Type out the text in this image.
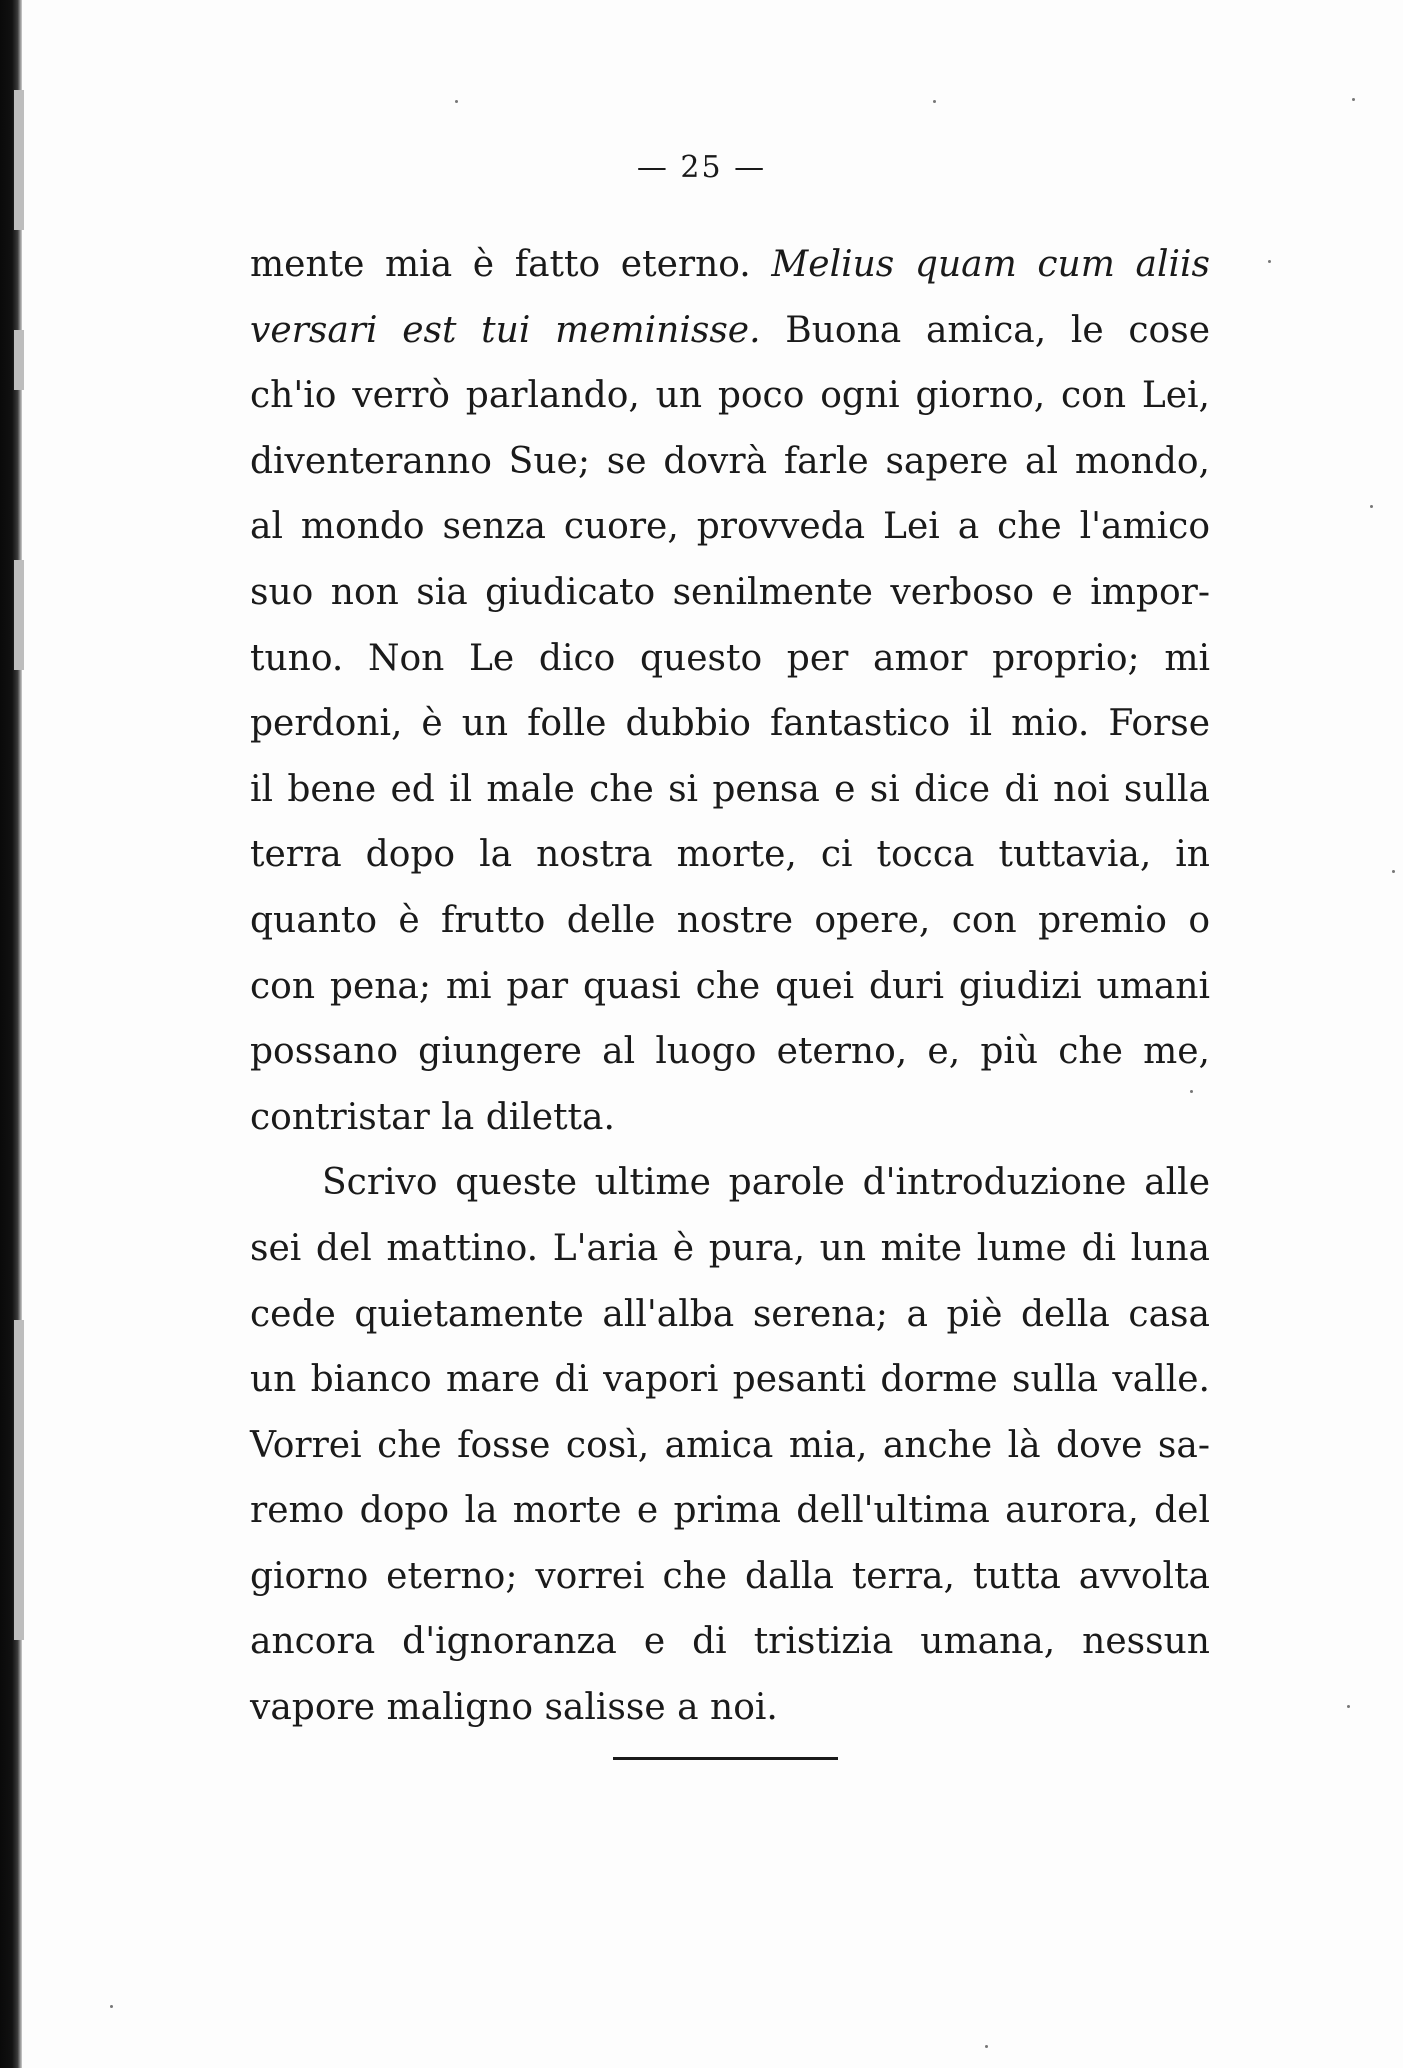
— 25 —
mente mia è fatto eterno. Melius quam cum aliis
versari est tui meminisse. Buona amica, le cose
ch'io verrò parlando, un poco ogni giorno, con Lei,
diventeranno Sue; se dovrà farle sapere al mondo,
al mondo senza cuore, provveda Lei a che l'amico
suo non sia giudicato senilmente verboso e impor-
tuno. Non Le dico questo per amor proprio; mi
perdoni, è un folle dubbio fantastico il mio. Forse
il bene ed il male che si pensa e si dice di noi sulla
terra dopo la nostra morte, ci tocca tuttavia, in
quanto è frutto delle nostre opere, con premio o
con pena; mi par quasi che quei duri giudizi umani
possano giungere al luogo eterno, e, più che me,
contristar la diletta.
Scrivo queste ultime parole d'introduzione alle
sei del mattino. L'aria è pura, un mite lume di luna
cede quietamente all'alba serena; a piè della casa
un bianco mare di vapori pesanti dorme sulla valle.
Vorrei che fosse così, amica mia, anche là dove sa-
remo dopo la morte e prima dell'ultima aurora, del
giorno eterno; vorrei che dalla terra, tutta avvolta
ancora d'ignoranza e di tristizia umana, nessun
vapore maligno salisse a noi.
